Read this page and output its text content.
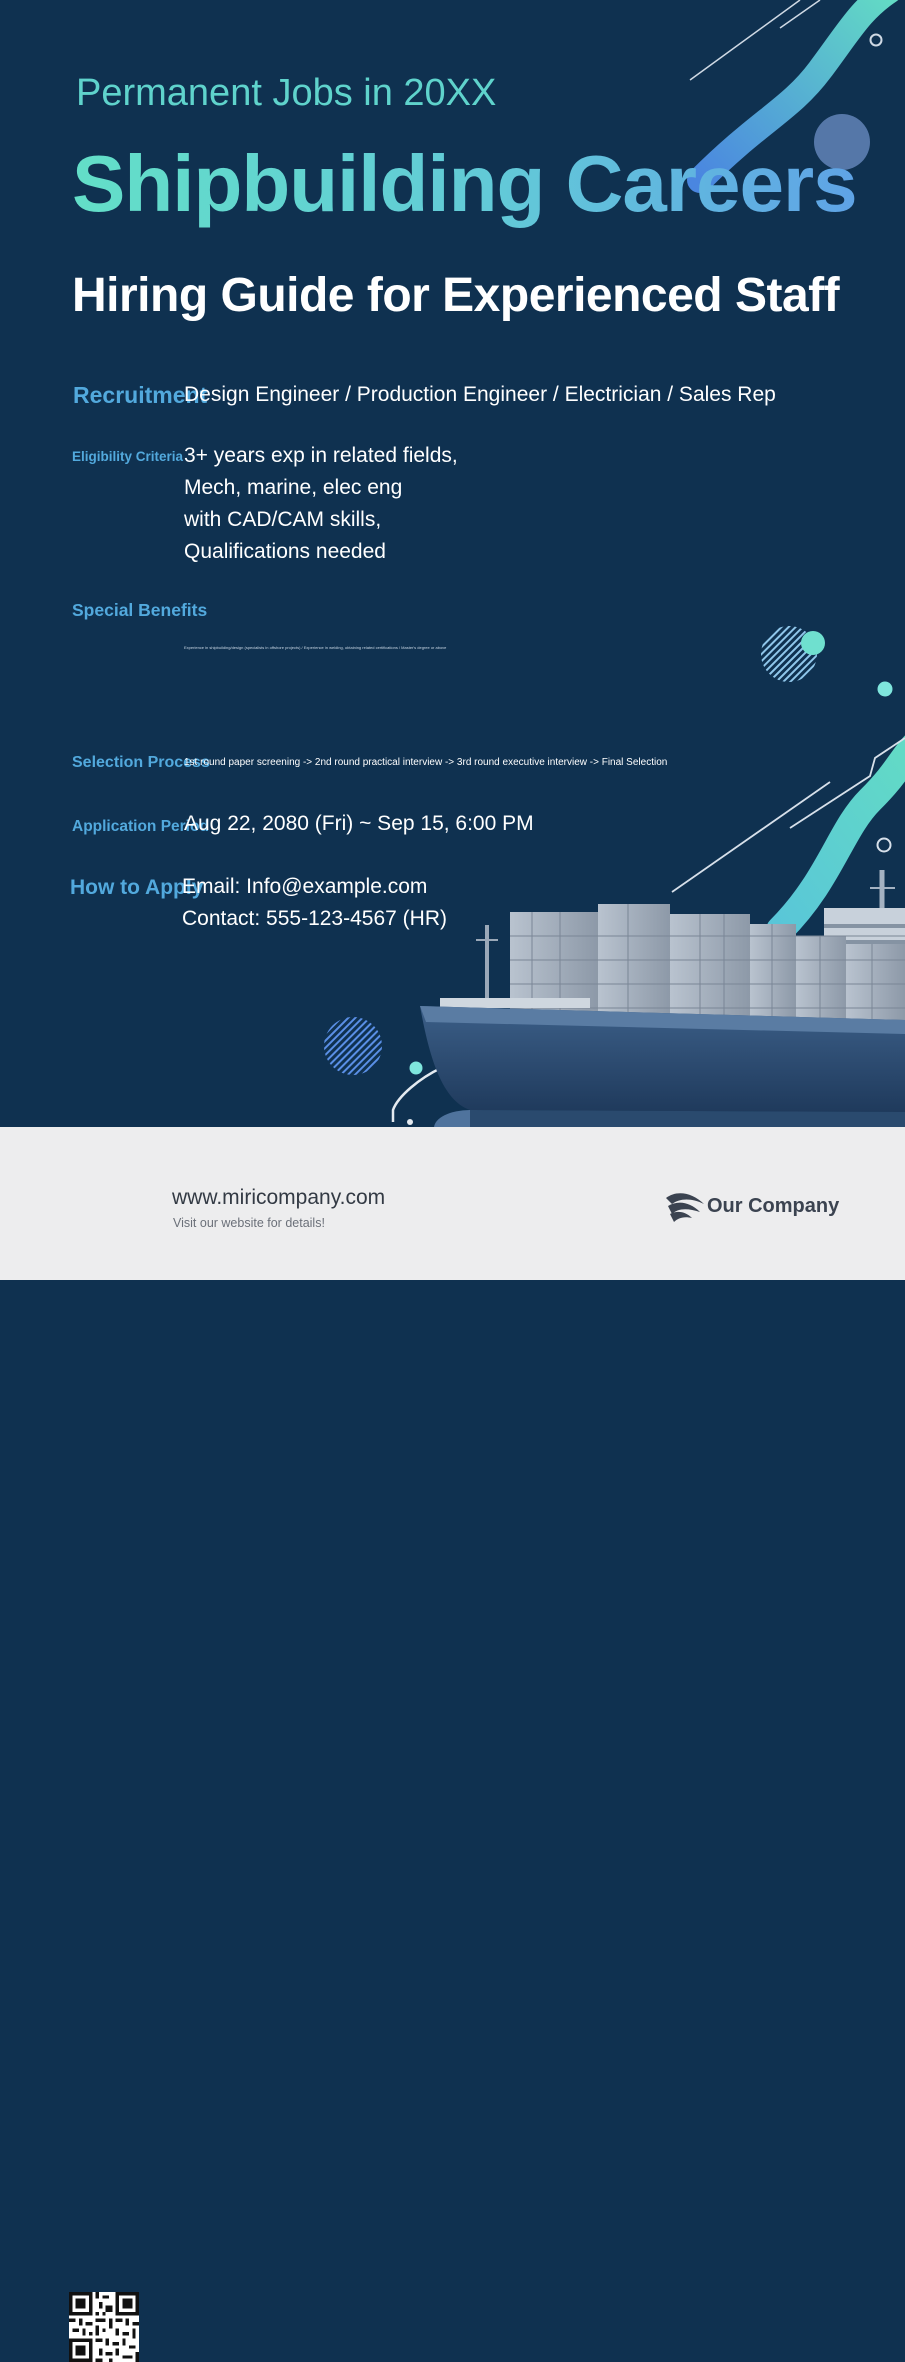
Permanent Jobs in 20XX
Shipbuilding Careers
Hiring Guide for Experienced Staff
Recruitment
Design Engineer / Production Engineer / Electrician / Sales Rep
Eligibility Criteria 3+ years exp in related fields,
Mech, marine, elec eng
with CAD/CAM skills,
Qualifications needed
Special Benefits
Experience in shipbuilding/design (specialists in offshore projects) / Experience in welding, obtaining related certifications / Master's degree or above
Selection Process
1st round paper screening -> 2nd round practical interview -> 3rd round executive interview -> Final Selection
Application Period
Aug 22, 2080 (Fri) ~ Sep 15, 6:00 PM
How to Apply
Email: Info@example.com
Contact: 555-123-4567 (HR)
www.miricompany.com
Visit our website for details!
Our Company
